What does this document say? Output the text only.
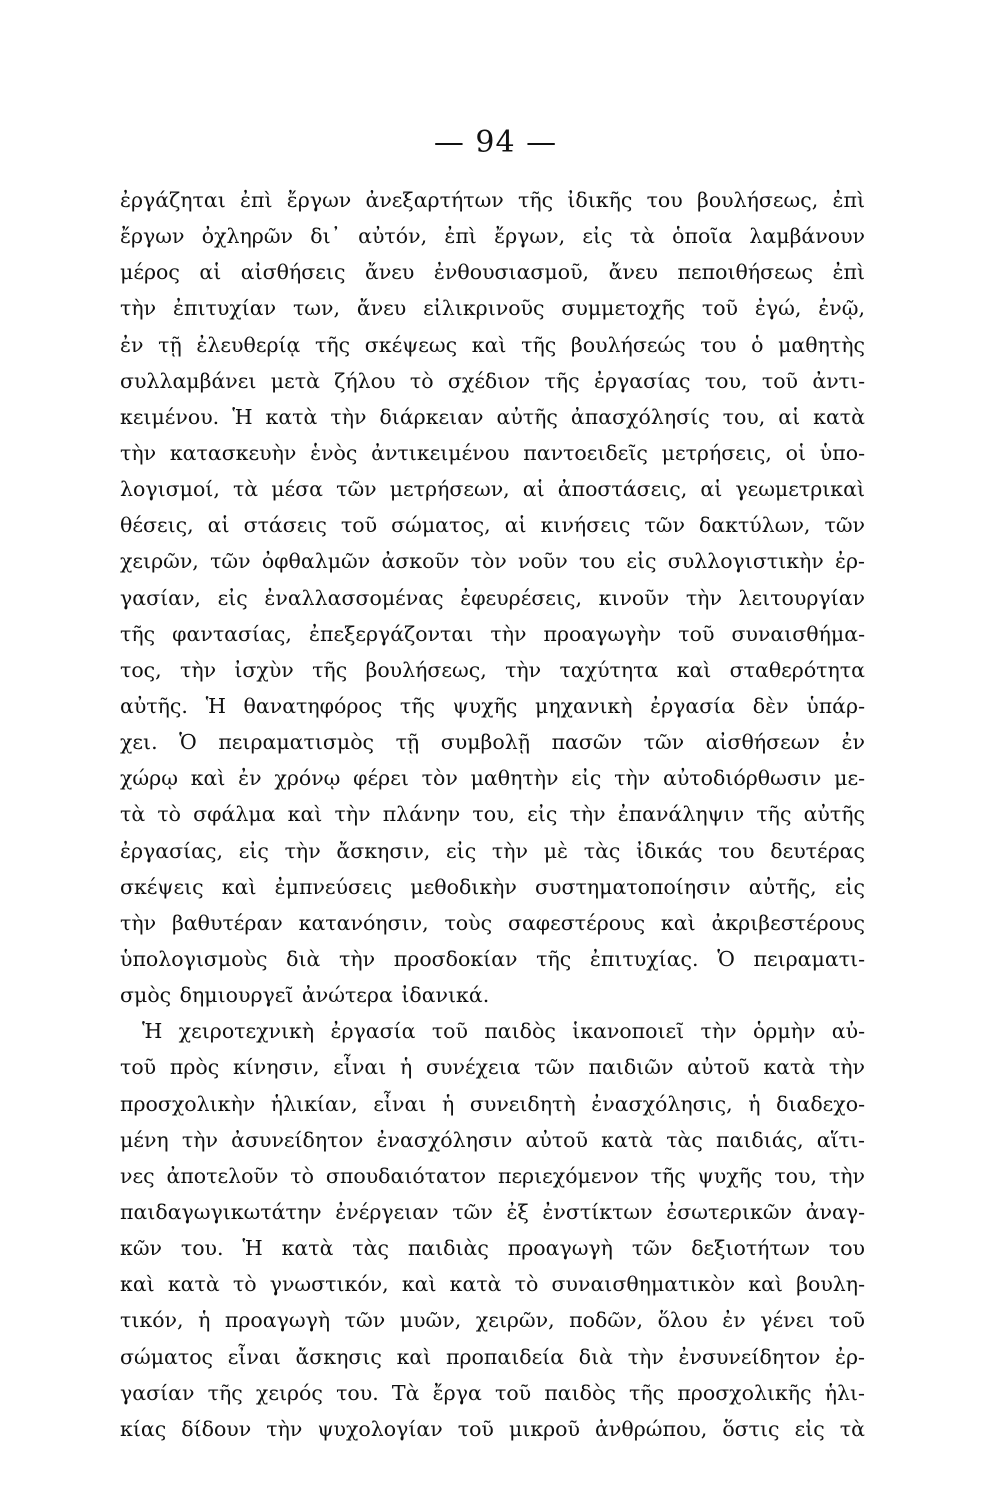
— 94 —
ἐργάζηται ἐπὶ ἔργων ἀνεξαρτήτων τῆς ἰδικῆς του βουλήσεως, ἐπὶ
ἔργων ὀχληρῶν δι᾽ αὐτόν, ἐπὶ ἔργων, εἰς τὰ ὁποῖα λαμβάνουν
μέρος αἱ αἰσθήσεις ἄνευ ἐνθουσιασμοῦ, ἄνευ πεποιθήσεως ἐπὶ
τὴν ἐπιτυχίαν των, ἄνευ εἰλικρινοῦς συμμετοχῆς τοῦ ἐγώ, ἐνῷ,
ἐν τῇ ἐλευθερίᾳ τῆς σκέψεως καὶ τῆς βουλήσεώς του ὁ μαθητὴς
συλλαμβάνει μετὰ ζήλου τὸ σχέδιον τῆς ἐργασίας του, τοῦ ἀντι-
κειμένου. Ἡ κατὰ τὴν διάρκειαν αὐτῆς ἀπασχόλησίς του, αἱ κατὰ
τὴν κατασκευὴν ἑνὸς ἀντικειμένου παντοειδεῖς μετρήσεις, οἱ ὑπο-
λογισμοί, τὰ μέσα τῶν μετρήσεων, αἱ ἀποστάσεις, αἱ γεωμετρικαὶ
θέσεις, αἱ στάσεις τοῦ σώματος, αἱ κινήσεις τῶν δακτύλων, τῶν
χειρῶν, τῶν ὀφθαλμῶν ἀσκοῦν τὸν νοῦν του εἰς συλλογιστικὴν ἐρ-
γασίαν, εἰς ἐναλλασσομένας ἐφευρέσεις, κινοῦν τὴν λειτουργίαν
τῆς φαντασίας, ἐπεξεργάζονται τὴν προαγωγὴν τοῦ συναισθήμα-
τος, τὴν ἰσχὺν τῆς βουλήσεως, τὴν ταχύτητα καὶ σταθερότητα
αὐτῆς. Ἡ θανατηφόρος τῆς ψυχῆς μηχανικὴ ἐργασία δὲν ὑπάρ-
χει. Ὁ πειραματισμὸς τῇ συμβολῇ πασῶν τῶν αἰσθήσεων ἐν
χώρῳ καὶ ἐν χρόνῳ φέρει τὸν μαθητὴν εἰς τὴν αὐτοδιόρθωσιν με-
τὰ τὸ σφάλμα καὶ τὴν πλάνην του, εἰς τὴν ἐπανάληψιν τῆς αὐτῆς
ἐργασίας, εἰς τὴν ἄσκησιν, εἰς τὴν μὲ τὰς ἰδικάς του δευτέρας
σκέψεις καὶ ἐμπνεύσεις μεθοδικὴν συστηματοποίησιν αὐτῆς, εἰς
τὴν βαθυτέραν κατανόησιν, τοὺς σαφεστέρους καὶ ἀκριβεστέρους
ὑπολογισμοὺς διὰ τὴν προσδοκίαν τῆς ἐπιτυχίας. Ὁ πειραματι-
σμὸς δημιουργεῖ ἀνώτερα ἰδανικά.
Ἡ χειροτεχνικὴ ἐργασία τοῦ παιδὸς ἱκανοποιεῖ τὴν ὁρμὴν αὐ-
τοῦ πρὸς κίνησιν, εἶναι ἡ συνέχεια τῶν παιδιῶν αὐτοῦ κατὰ τὴν
προσχολικὴν ἡλικίαν, εἶναι ἡ συνειδητὴ ἐνασχόλησις, ἡ διαδεχο-
μένη τὴν ἀσυνείδητον ἐνασχόλησιν αὐτοῦ κατὰ τὰς παιδιάς, αἵτι-
νες ἀποτελοῦν τὸ σπουδαιότατον περιεχόμενον τῆς ψυχῆς του, τὴν
παιδαγωγικωτάτην ἐνέργειαν τῶν ἐξ ἐνστίκτων ἐσωτερικῶν ἀναγ-
κῶν του. Ἡ κατὰ τὰς παιδιὰς προαγωγὴ τῶν δεξιοτήτων του
καὶ κατὰ τὸ γνωστικόν, καὶ κατὰ τὸ συναισθηματικὸν καὶ βουλη-
τικόν, ἡ προαγωγὴ τῶν μυῶν, χειρῶν, ποδῶν, ὅλου ἐν γένει τοῦ
σώματος εἶναι ἄσκησις καὶ προπαιδεία διὰ τὴν ἐνσυνείδητον ἐρ-
γασίαν τῆς χειρός του. Τὰ ἔργα τοῦ παιδὸς τῆς προσχολικῆς ἡλι-
κίας δίδουν τὴν ψυχολογίαν τοῦ μικροῦ ἀνθρώπου, ὅστις εἰς τὰ
